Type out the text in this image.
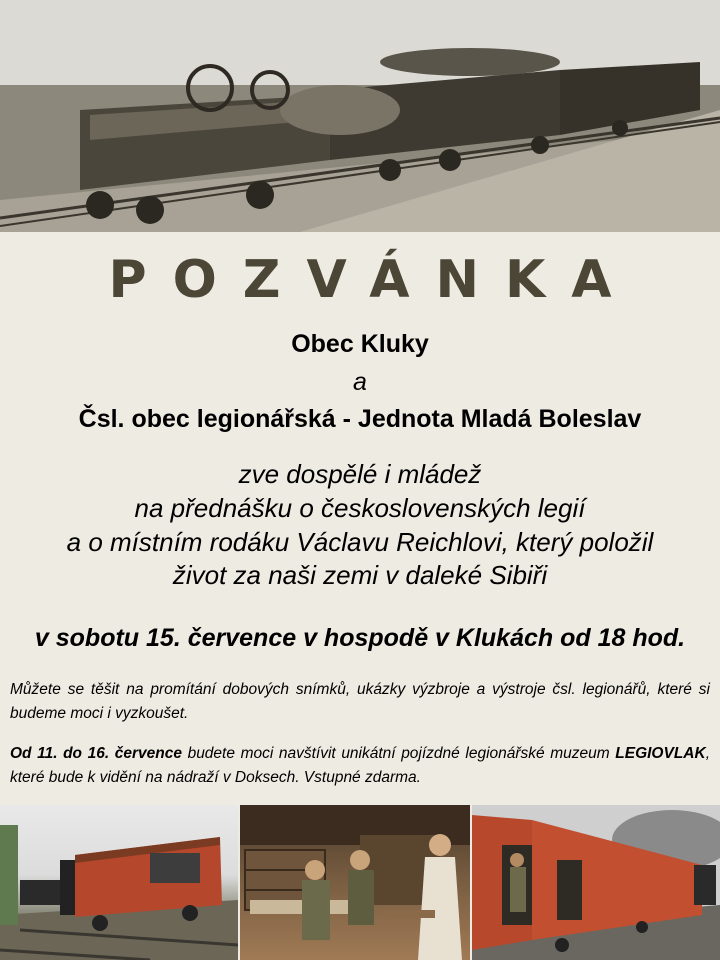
POZVÁNKA
Obec Kluky
a
Čsl. obec legionářská - Jednota Mladá Boleslav
zve dospělé i mládež
na přednášku o československých legií
a o místním rodáku Václavu Reichlovi, který položil
život za naši zemi v daleké Sibiři
v sobotu 15. července v hospodě v Klukách od 18 hod.

Můžete se těšit na promítání dobových snímků, ukázky výzbroje a výstroje čsl. legionářů, které si budeme moci i vyzkoušet.

Od 11. do 16. července budete moci navštívit unikátní pojízdné legionářské muzeum LEGIOVLAK, které bude k vidění na nádraží v Doksech. Vstupné zdarma.
